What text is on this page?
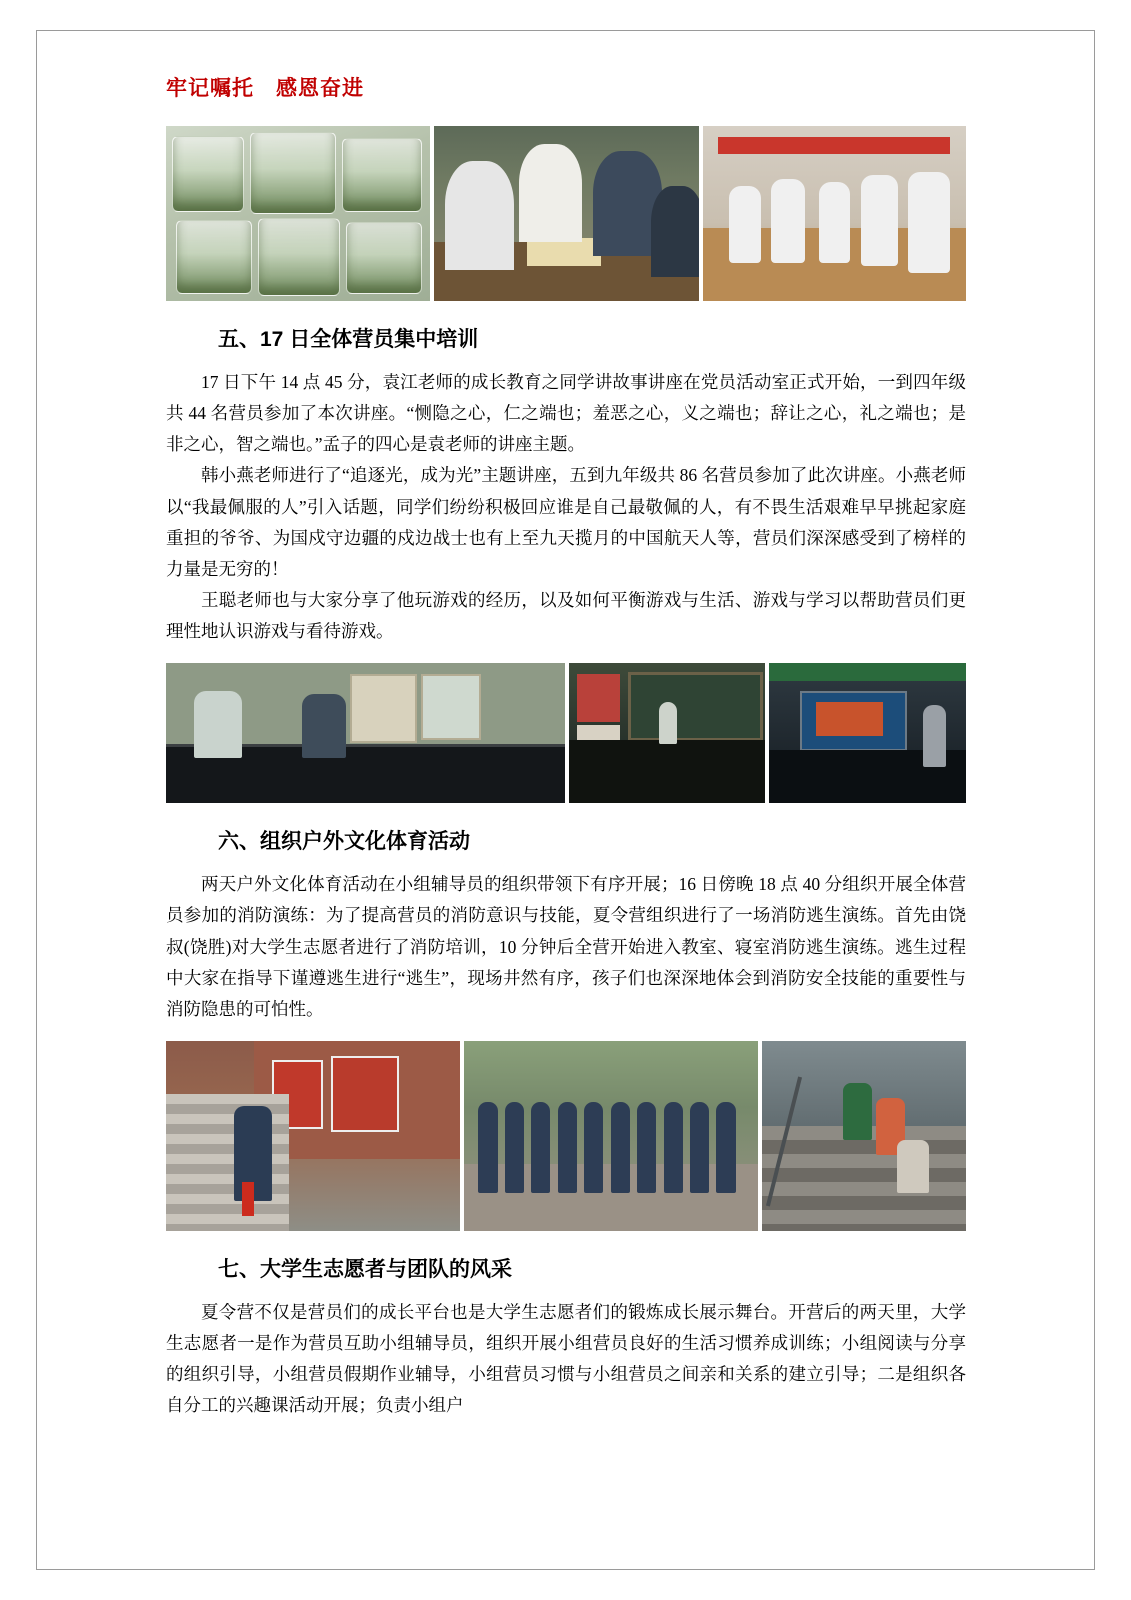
牢记嘱托　感恩奋进
五、17 日全体营员集中培训

17 日下午 14 点 45 分，袁江老师的成长教育之同学讲故事讲座在党员活动室正式开始，一到四年级共 44 名营员参加了本次讲座。“恻隐之心，仁之端也；羞恶之心，义之端也；辞让之心，礼之端也；是非之心，智之端也。”孟子的四心是袁老师的讲座主题。

韩小燕老师进行了“追逐光，成为光”主题讲座，五到九年级共 86 名营员参加了此次讲座。小燕老师以“我最佩服的人”引入话题，同学们纷纷积极回应谁是自己最敬佩的人，有不畏生活艰难早早挑起家庭重担的爷爷、为国戍守边疆的戍边战士也有上至九天揽月的中国航天人等，营员们深深感受到了榜样的力量是无穷的！

王聪老师也与大家分享了他玩游戏的经历，以及如何平衡游戏与生活、游戏与学习以帮助营员们更理性地认识游戏与看待游戏。

六、组织户外文化体育活动

两天户外文化体育活动在小组辅导员的组织带领下有序开展；16 日傍晚 18 点 40 分组织开展全体营员参加的消防演练：为了提高营员的消防意识与技能，夏令营组织进行了一场消防逃生演练。首先由饶叔(饶胜)对大学生志愿者进行了消防培训，10 分钟后全营开始进入教室、寝室消防逃生演练。逃生过程中大家在指导下谨遵逃生进行“逃生”，现场井然有序，孩子们也深深地体会到消防安全技能的重要性与消防隐患的可怕性。

七、大学生志愿者与团队的风采

夏令营不仅是营员们的成长平台也是大学生志愿者们的锻炼成长展示舞台。开营后的两天里，大学生志愿者一是作为营员互助小组辅导员，组织开展小组营员良好的生活习惯养成训练；小组阅读与分享的组织引导，小组营员假期作业辅导，小组营员习惯与小组营员之间亲和关系的建立引导；二是组织各自分工的兴趣课活动开展；负责小组户
